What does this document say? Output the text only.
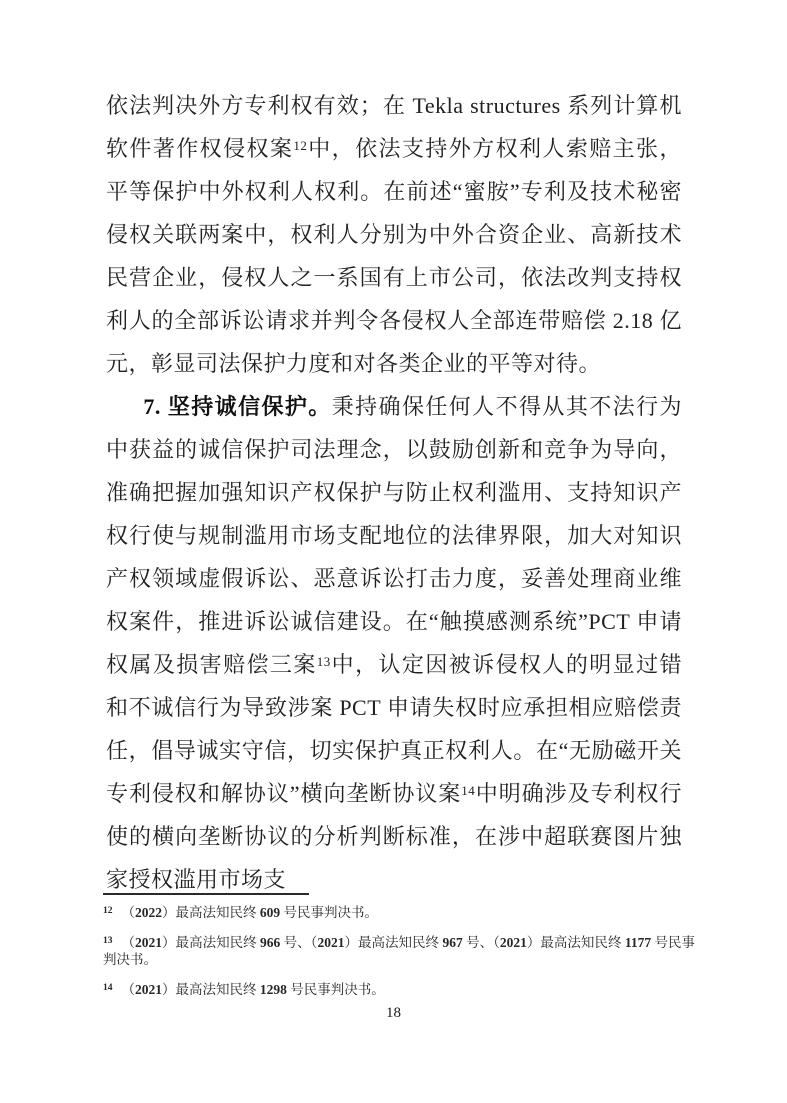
依法判决外方专利权有效；在 Tekla structures 系列计算机软件著作权侵权案$^{12}$中，依法支持外方权利人索赔主张，平等保护中外权利人权利。在前述“蜜胺”专利及技术秘密侵权关联两案中，权利人分别为中外合资企业、高新技术民营企业，侵权人之一系国有上市公司，依法改判支持权利人的全部诉讼请求并判令各侵权人全部连带赔偿 2.18 亿元，彰显司法保护力度和对各类企业的平等对待。

7. 坚持诚信保护。秉持确保任何人不得从其不法行为中获益的诚信保护司法理念，以鼓励创新和竞争为导向，准确把握加强知识产权保护与防止权利滥用、支持知识产权行使与规制滥用市场支配地位的法律界限，加大对知识产权领域虚假诉讼、恶意诉讼打击力度，妥善处理商业维权案件，推进诉讼诚信建设。在“触摸感测系统”PCT 申请权属及损害赔偿三案$^{13}$中，认定因被诉侵权人的明显过错和不诚信行为导致涉案 PCT 申请失权时应承担相应赔偿责任，倡导诚实守信，切实保护真正权利人。在“无励磁开关专利侵权和解协议”横向垄断协议案$^{14}$中明确涉及专利权行使的横向垄断协议的分析判断标准，在涉中超联赛图片独家授权滥用市场支

$^{12}$ （2022）最高法知民终 609 号民事判决书。
$^{13}$ （2021）最高法知民终 966 号、（2021）最高法知民终 967 号、（2021）最高法知民终 1177 号民事判决书。
$^{14}$ （2021）最高法知民终 1298 号民事判决书。
18
